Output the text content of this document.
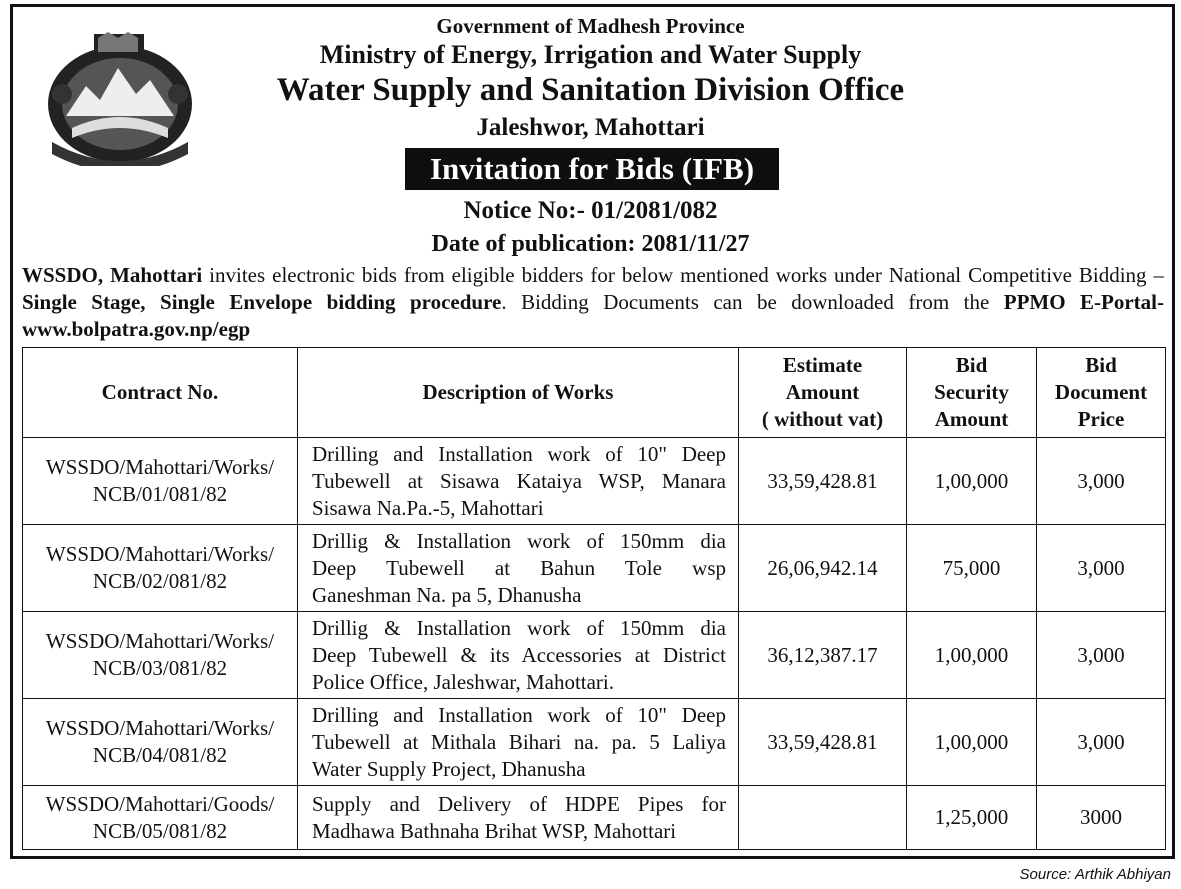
Government of Madhesh Province
Ministry of Energy, Irrigation and Water Supply
Water Supply and Sanitation Division Office
Jaleshwor, Mahottari
Invitation for Bids (IFB)
Notice No:- 01/2081/082
Date of publication: 2081/11/27
WSSDO, Mahottari invites electronic bids from eligible bidders for below mentioned works under National Competitive Bidding – Single Stage, Single Envelope bidding procedure. Bidding Documents can be downloaded from the PPMO E-Portal-www.bolpatra.gov.np/egp
Contract No.	Description of Works	Estimate
Amount
( without vat)	Bid
Security
Amount	Bid
Document
Price
WSSDO/Mahottari/Works/
NCB/01/081/82	Drilling and Installation work of 10" Deep
Tubewell at Sisawa Kataiya WSP, Manara
Sisawa Na.Pa.-5, Mahottari	33,59,428.81	1,00,000	3,000
WSSDO/Mahottari/Works/
NCB/02/081/82	Drillig & Installation work of 150mm dia
Deep Tubewell at Bahun Tole wsp
Ganeshman Na. pa 5, Dhanusha	26,06,942.14	75,000	3,000
WSSDO/Mahottari/Works/
NCB/03/081/82	Drillig & Installation work of 150mm dia
Deep Tubewell & its Accessories at District
Police Office, Jaleshwar, Mahottari.	36,12,387.17	1,00,000	3,000
WSSDO/Mahottari/Works/
NCB/04/081/82	Drilling and Installation work of 10" Deep
Tubewell at Mithala Bihari na. pa. 5 Laliya
Water Supply Project, Dhanusha	33,59,428.81	1,00,000	3,000
WSSDO/Mahottari/Goods/
NCB/05/081/82	Supply and Delivery of HDPE Pipes for
Madhawa Bathnaha Brihat WSP, Mahottari		1,25,000	3000
Source: Arthik Abhiyan
